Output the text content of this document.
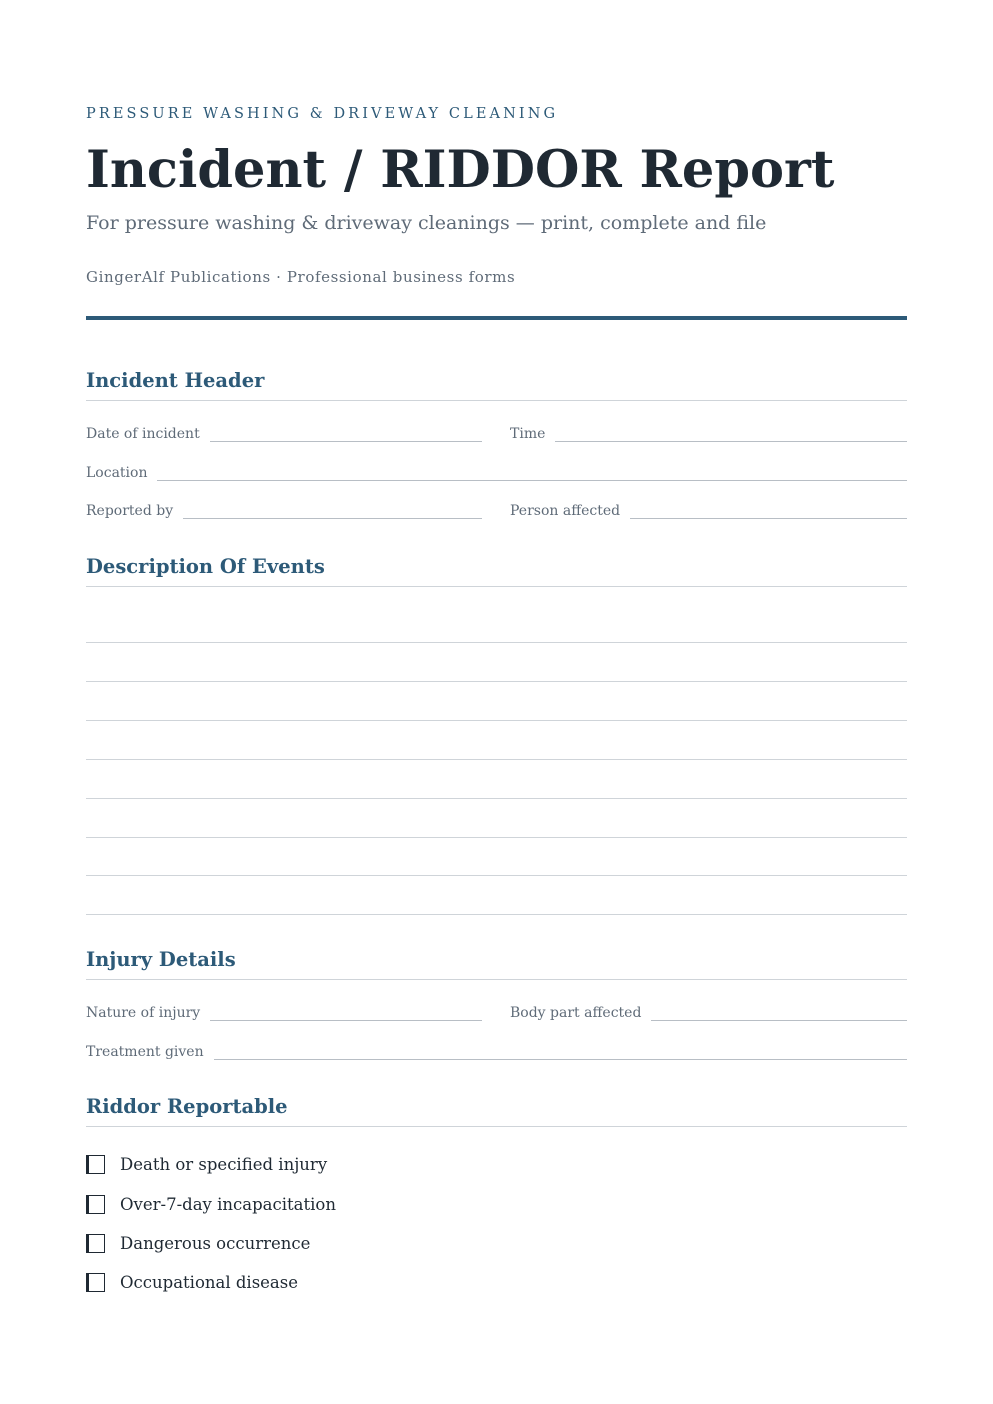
PRESSURE WASHING & DRIVEWAY CLEANING
Incident / RIDDOR Report
For pressure washing & driveway cleanings — print, complete and file
GingerAlf Publications · Professional business forms
Incident Header
Date of incident	Time
Location
Reported by	Person affected
Description Of Events
Injury Details
Nature of injury	Body part affected
Treatment given
Riddor Reportable
Death or specified injury
Over-7-day incapacitation
Dangerous occurrence
Occupational disease
